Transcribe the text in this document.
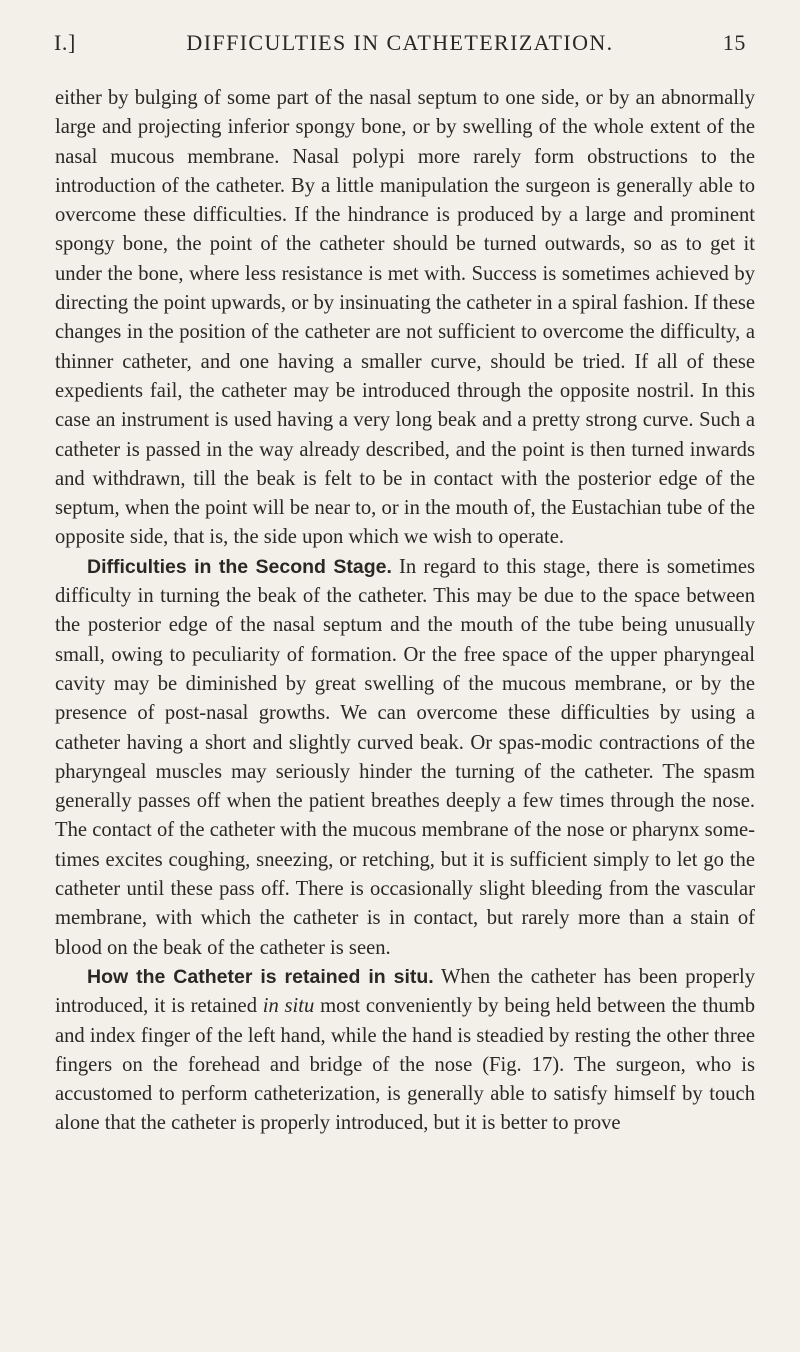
I.]	DIFFICULTIES IN CATHETERIZATION.	15

either by bulging of some part of the nasal septum to one side, or by an abnormally large and projecting inferior spongy bone, or by swelling of the whole extent of the nasal mucous membrane. Nasal polypi more rarely form obstructions to the introduction of the catheter. By a little manipulation the surgeon is generally able to overcome these difficulties. If the hindrance is produced by a large and prominent spongy bone, the point of the catheter should be turned outwards, so as to get it under the bone, where less resistance is met with. Success is sometimes achieved by directing the point upwards, or by insinuating the catheter in a spiral fashion. If these changes in the position of the catheter are not sufficient to overcome the difficulty, a thinner catheter, and one having a smaller curve, should be tried. If all of these expedients fail, the catheter may be introduced through the opposite nostril. In this case an instrument is used having a very long beak and a pretty strong curve. Such a catheter is passed in the way already described, and the point is then turned inwards and withdrawn, till the beak is felt to be in contact with the posterior edge of the septum, when the point will be near to, or in the mouth of, the Eustachian tube of the opposite side, that is, the side upon which we wish to operate.

Difficulties in the Second Stage. In regard to this stage, there is sometimes difficulty in turning the beak of the catheter. This may be due to the space between the posterior edge of the nasal septum and the mouth of the tube being unusually small, owing to peculiarity of formation. Or the free space of the upper pharyngeal cavity may be diminished by great swelling of the mucous membrane, or by the presence of post-nasal growths. We can overcome these difficulties by using a catheter having a short and slightly curved beak. Or spas-modic contractions of the pharyngeal muscles may seriously hinder the turning of the catheter. The spasm generally passes off when the patient breathes deeply a few times through the nose. The contact of the catheter with the mucous membrane of the nose or pharynx some-times excites coughing, sneezing, or retching, but it is sufficient simply to let go the catheter until these pass off. There is occasionally slight bleeding from the vascular membrane, with which the catheter is in contact, but rarely more than a stain of blood on the beak of the catheter is seen.

How the Catheter is retained in situ. When the catheter has been properly introduced, it is retained in situ most conveniently by being held between the thumb and index finger of the left hand, while the hand is steadied by resting the other three fingers on the forehead and bridge of the nose (Fig. 17). The surgeon, who is accustomed to perform catheterization, is generally able to satisfy himself by touch alone that the catheter is properly introduced, but it is better to prove
